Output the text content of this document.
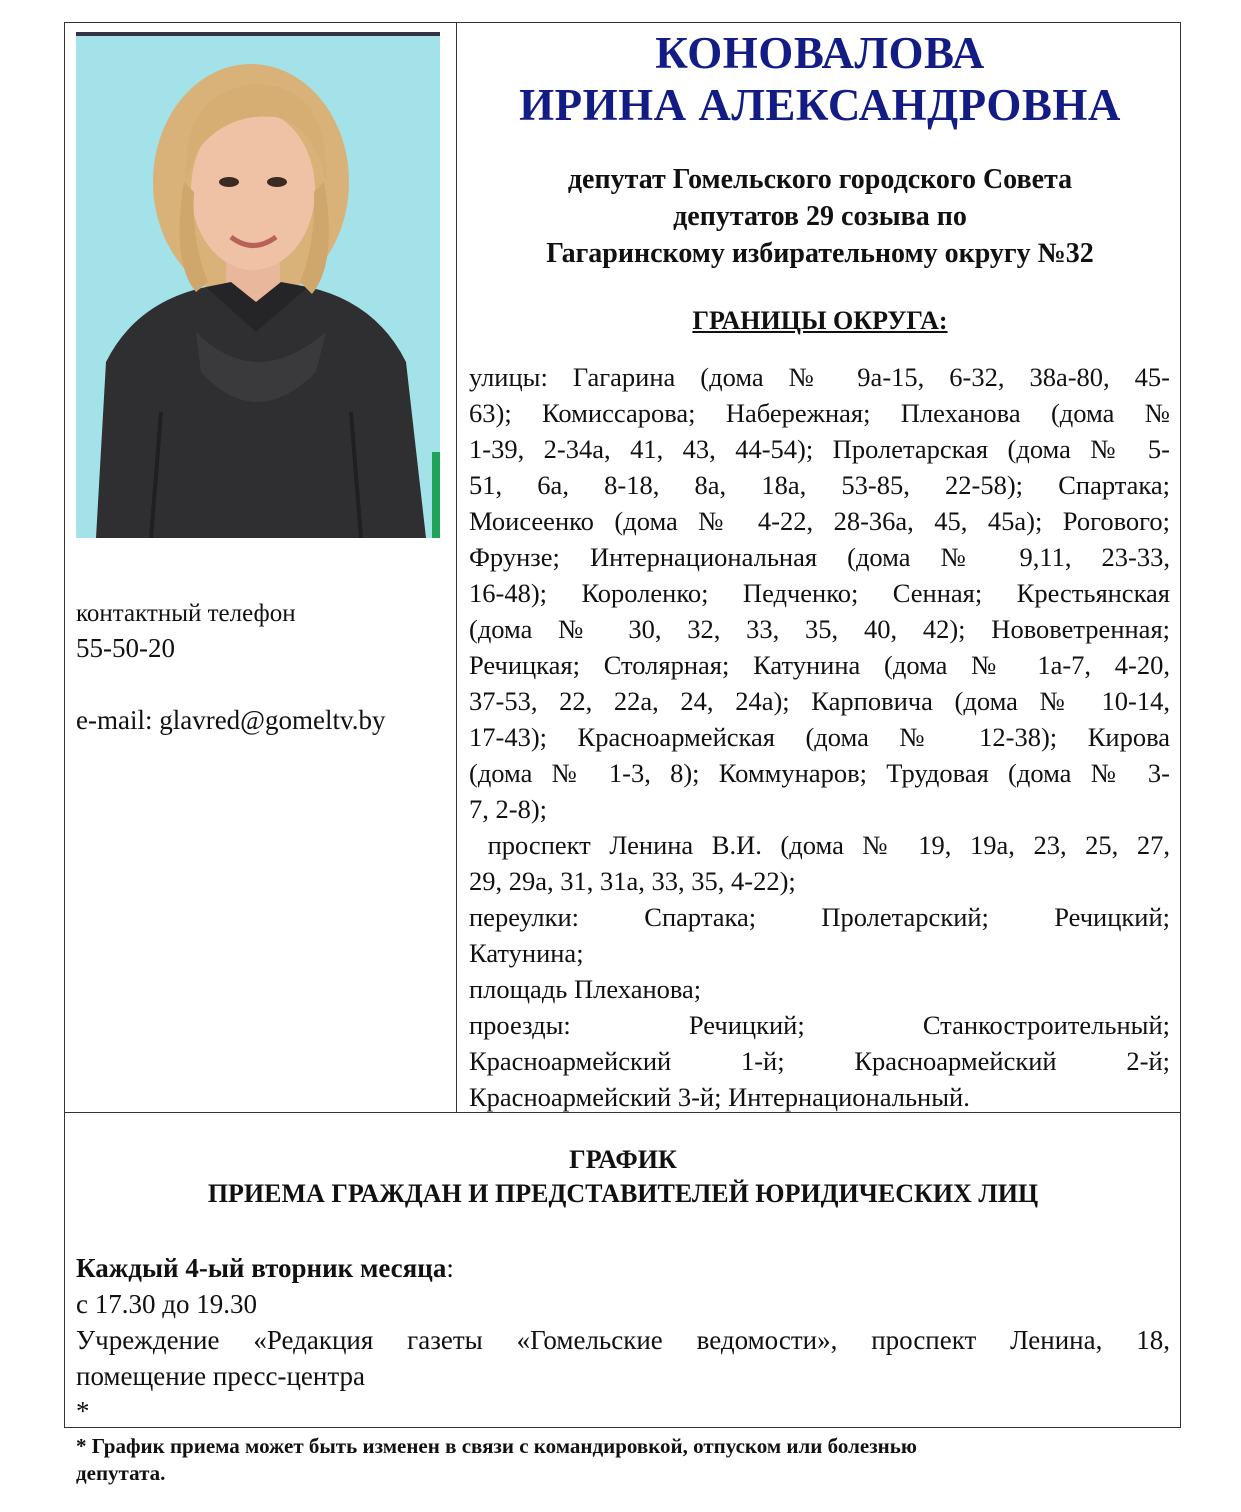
контактный телефон
55-50-20
e-mail: glavred@gomeltv.by
КОНОВАЛОВА
ИРИНА АЛЕКСАНДРОВНА
депутат Гомельского городского Совета
депутатов 29 созыва по
Гагаринскому избирательному округу №32
ГРАНИЦЫ ОКРУГА:
улицы: Гагарина (дома № 9а-15, 6-32, 38а-80, 45-
63); Комиссарова; Набережная; Плеханова (дома №
1-39, 2-34а, 41, 43, 44-54); Пролетарская (дома № 5-
51, 6а, 8-18, 8а, 18а, 53-85, 22-58); Спартака;
Моисеенко (дома № 4-22, 28-36а, 45, 45а); Рогового;
Фрунзе; Интернациональная (дома № 9,11, 23-33,
16-48); Короленко; Педченко; Сенная; Крестьянская
(дома № 30, 32, 33, 35, 40, 42); Нововетренная;
Речицкая; Столярная; Катунина (дома № 1а-7, 4-20,
37-53, 22, 22а, 24, 24а); Карповича (дома № 10-14,
17-43); Красноармейская (дома № 12-38); Кирова
(дома № 1-3, 8); Коммунаров; Трудовая (дома № 3-
7, 2-8);
проспект Ленина В.И. (дома № 19, 19а, 23, 25, 27,
29, 29а, 31, 31а, 33, 35, 4-22);
переулки: Спартака; Пролетарский; Речицкий;
Катунина;
площадь Плеханова;
проезды: Речицкий; Станкостроительный;
Красноармейский 1-й; Красноармейский 2-й;
Красноармейский 3-й; Интернациональный.
ГРАФИК
ПРИЕМА ГРАЖДАН И ПРЕДСТАВИТЕЛЕЙ ЮРИДИЧЕСКИХ ЛИЦ
Каждый 4-ый вторник месяца:
с 17.30 до 19.30
Учреждение «Редакция газеты «Гомельские ведомости», проспект Ленина, 18,
помещение пресс-центра
*
* График приема может быть изменен в связи с командировкой, отпуском или болезнью
депутата.
